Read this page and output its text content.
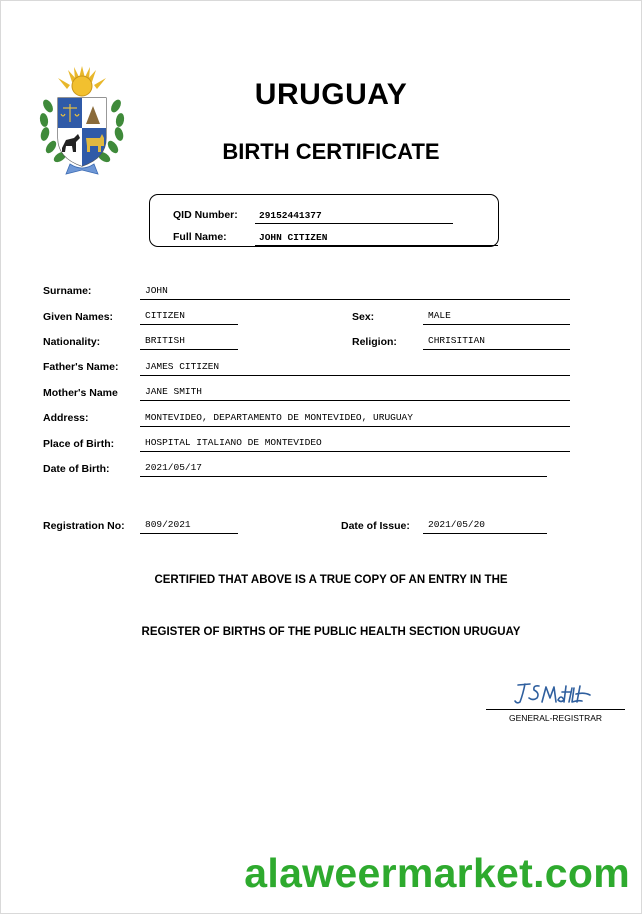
URUGUAY
BIRTH CERTIFICATE
QID Number:	29152441377
Full Name:	JOHN CITIZEN
Surname:	JOHN
Given Names:	CITIZEN	Sex:	MALE
Nationality:	BRITISH	Religion:	CHRISITIAN
Father's Name:	JAMES CITIZEN
Mother's Name	JANE SMITH
Address:	MONTEVIDEO, DEPARTAMENTO DE MONTEVIDEO, URUGUAY
Place of Birth:	HOSPITAL ITALIANO DE MONTEVIDEO
Date of Birth:	2021/05/17
Registration No:	809/2021	Date of Issue:	2021/05/20
CERTIFIED THAT ABOVE IS A TRUE COPY OF AN ENTRY IN THE
REGISTER OF BIRTHS OF THE PUBLIC HEALTH SECTION URUGUAY
GENERAL-REGISTRAR
alaweermarket.com
